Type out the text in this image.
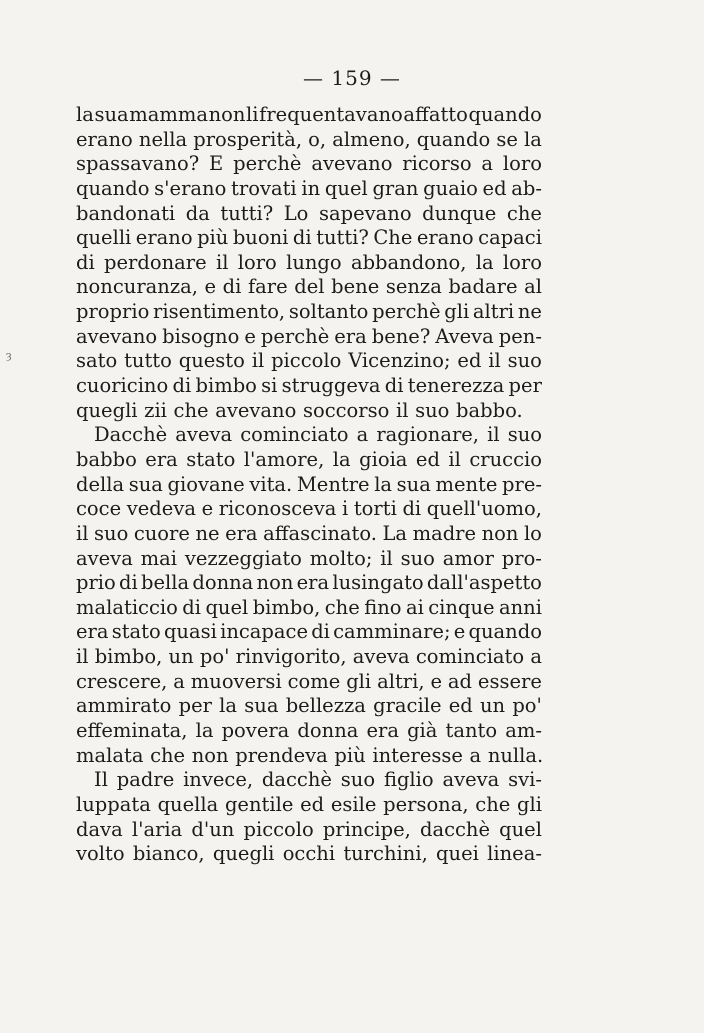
— 159 —
ȝ
la sua mamma non li frequentavano affatto quando
erano nella prosperità, o, almeno, quando se la
spassavano? E perchè avevano ricorso a loro
quando s'erano trovati in quel gran guaio ed ab-
bandonati da tutti? Lo sapevano dunque che
quelli erano più buoni di tutti? Che erano capaci
di perdonare il loro lungo abbandono, la loro
noncuranza, e di fare del bene senza badare al
proprio risentimento, soltanto perchè gli altri ne
avevano bisogno e perchè era bene? Aveva pen-
sato tutto questo il piccolo Vicenzino; ed il suo
cuoricino di bimbo si struggeva di tenerezza per
quegli zii che avevano soccorso il suo babbo.
Dacchè aveva cominciato a ragionare, il suo
babbo era stato l'amore, la gioia ed il cruccio
della sua giovane vita. Mentre la sua mente pre-
coce vedeva e riconosceva i torti di quell'uomo,
il suo cuore ne era affascinato. La madre non lo
aveva mai vezzeggiato molto; il suo amor pro-
prio di bella donna non era lusingato dall'aspetto
malaticcio di quel bimbo, che fino ai cinque anni
era stato quasi incapace di camminare; e quando
il bimbo, un po' rinvigorito, aveva cominciato a
crescere, a muoversi come gli altri, e ad essere
ammirato per la sua bellezza gracile ed un po'
effeminata, la povera donna era già tanto am-
malata che non prendeva più interesse a nulla.
Il padre invece, dacchè suo figlio aveva svi-
luppata quella gentile ed esile persona, che gli
dava l'aria d'un piccolo principe, dacchè quel
volto bianco, quegli occhi turchini, quei linea-
